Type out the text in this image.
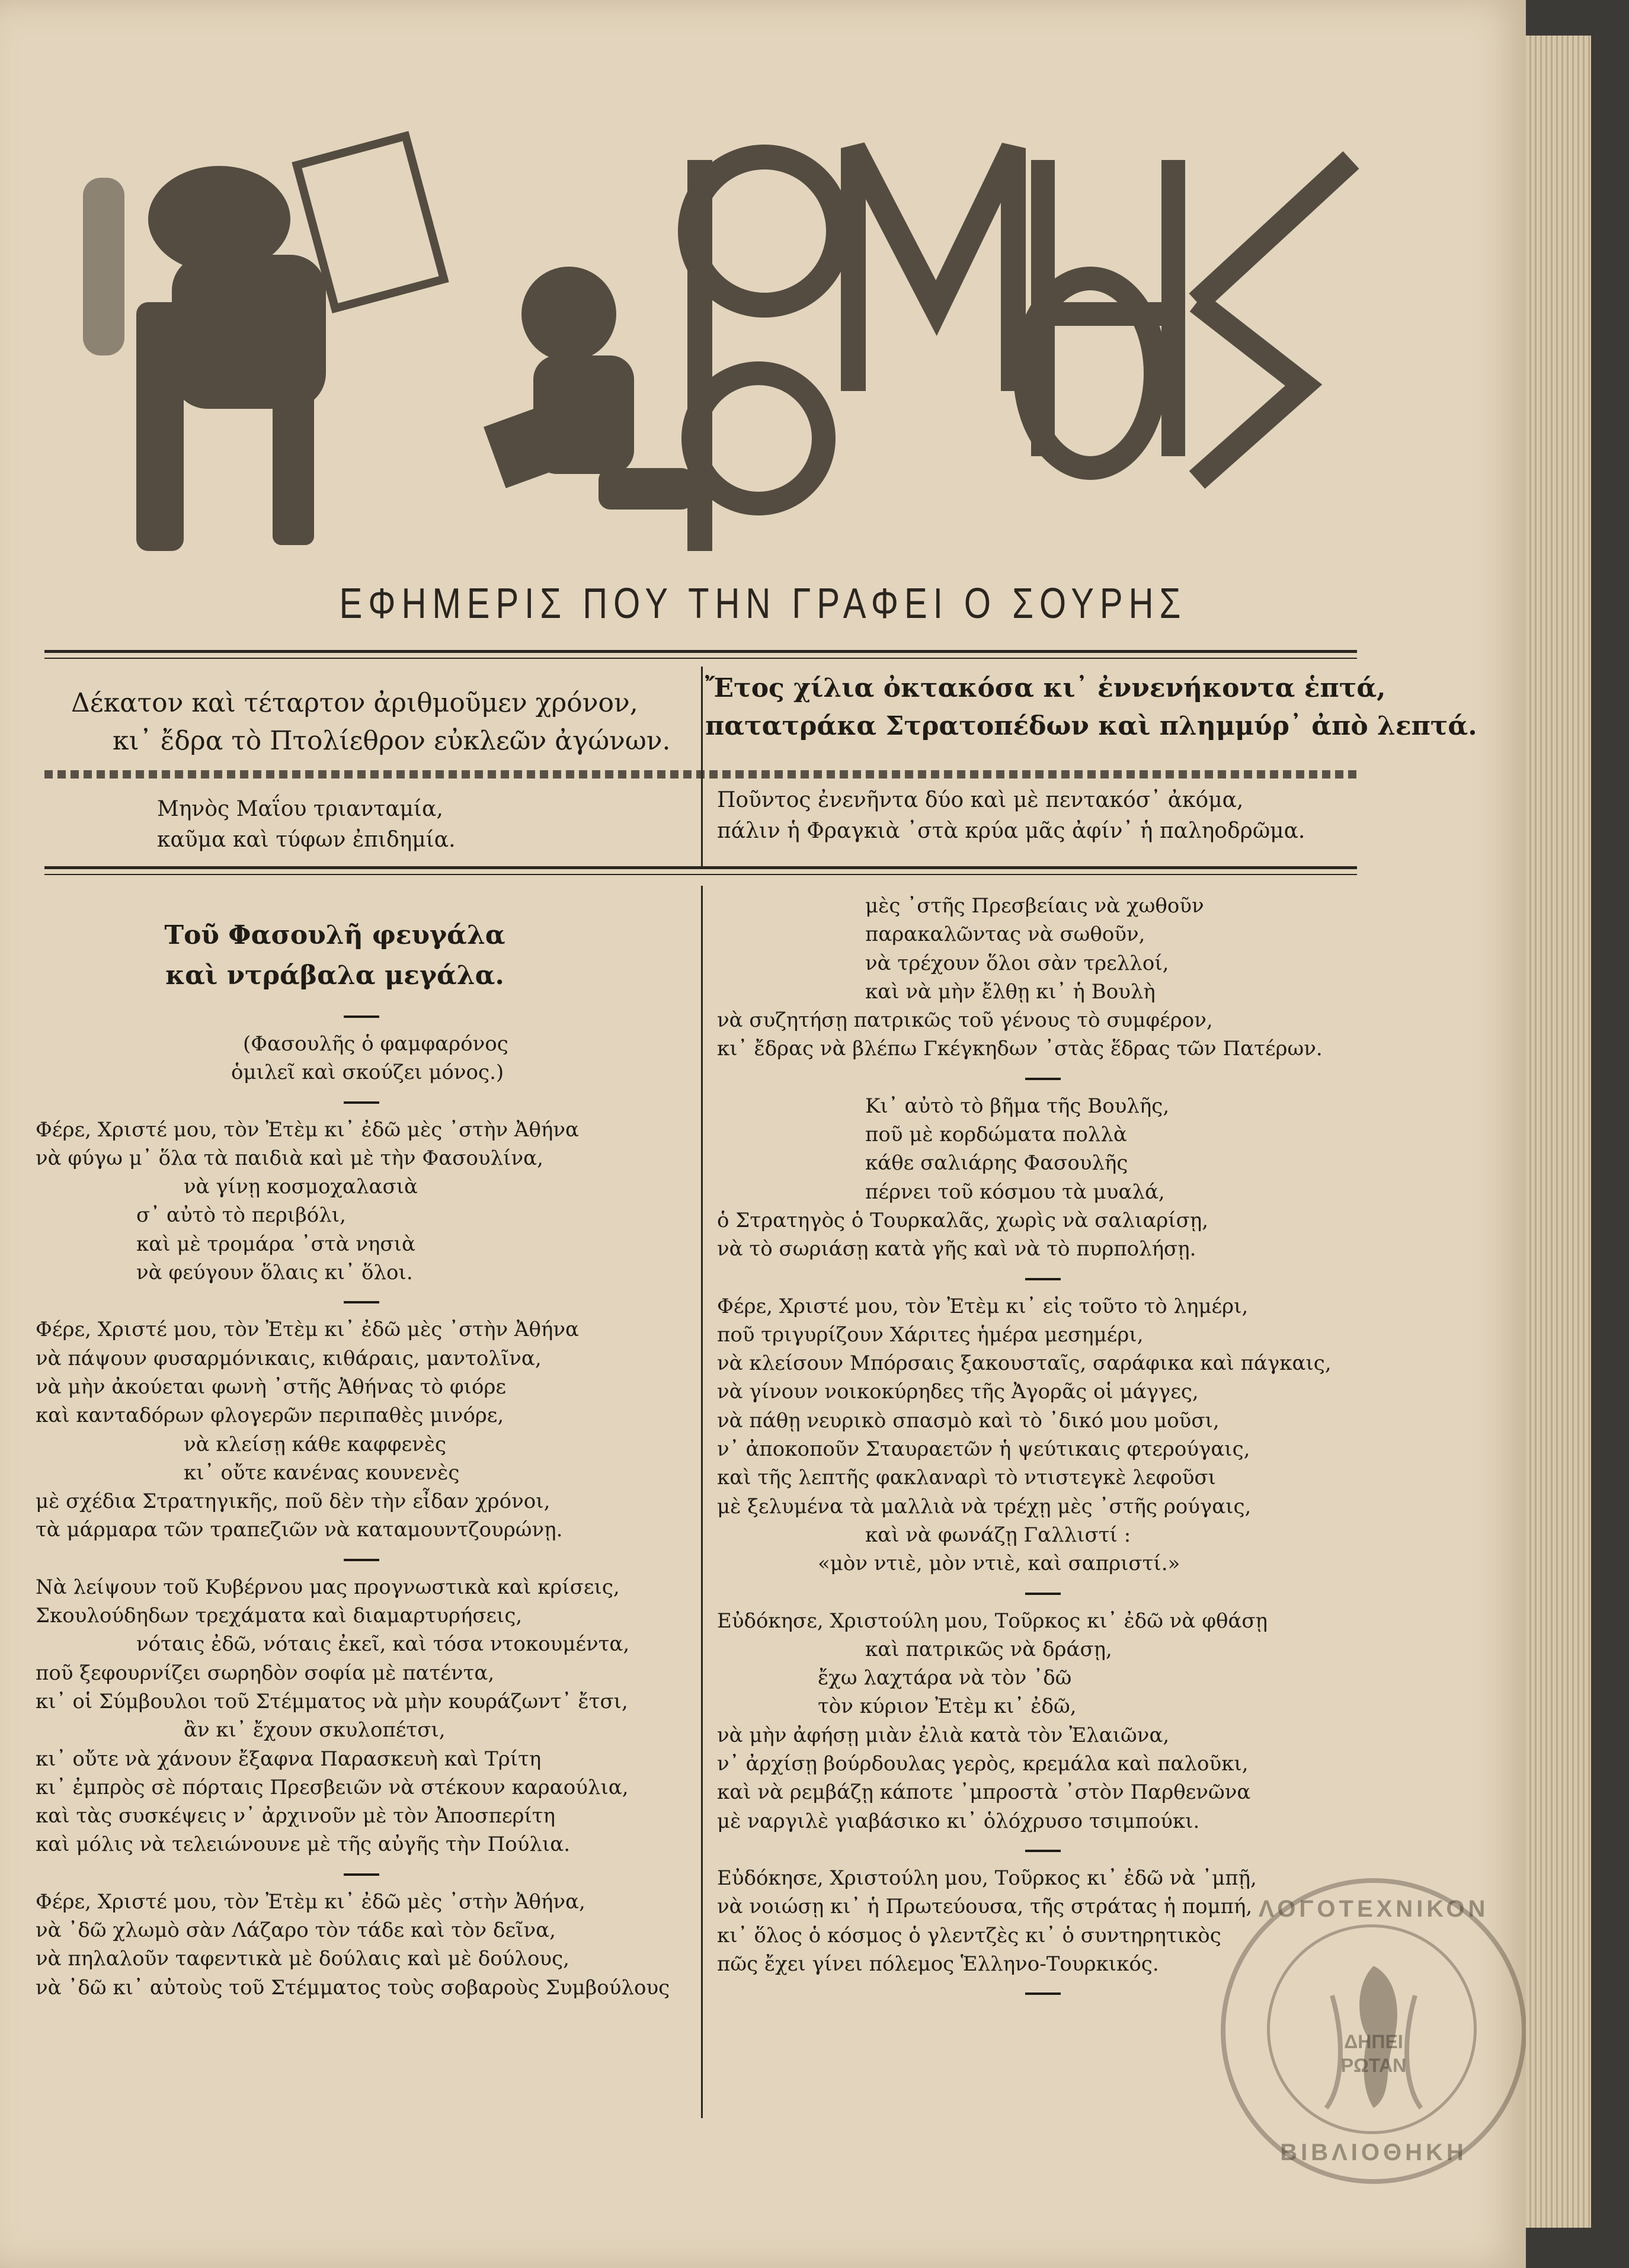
ΕΦΗΜΕΡΙΣ ΠΟΥ ΤΗΝ ΓΡΑΦΕΙ Ο ΣΟΥΡΗΣ
Δέκατον καὶ τέταρτον ἀριθμοῦμεν χρόνον,
κι᾽ ἔδρα τὸ Πτολίεθρον εὐκλεῶν ἀγώνων.
Ἔτος χίλια ὀκτακόσα κι᾽ ἐννενήκοντα ἑπτά,
πατατράκα Στρατοπέδων καὶ πλημμύρ᾽ ἀπὸ λεπτά.
Μηνὸς Μαΐου τριανταμία,
καῦμα καὶ τύφων ἐπιδημία.
Ποῦντος ἐνενῆντα δύο καὶ μὲ πεντακόσ᾽ ἀκόμα,
πάλιν ἡ Φραγκιὰ ᾽στὰ κρύα μᾶς ἀφίν᾽ ἡ παληοδρῶμα.
Τοῦ Φασουλῆ φευγάλα
καὶ ντράβαλα μεγάλα.
(Φασουλῆς ὁ φαμφαρόνος
ὁμιλεῖ καὶ σκούζει μόνος.)
Φέρε, Χριστέ μου, τὸν Ἐτὲμ κι᾽ ἐδῶ μὲς ᾽στὴν Ἀθήνα
νὰ φύγω μ᾽ ὅλα τὰ παιδιὰ καὶ μὲ τὴν Φασουλίνα,
νὰ γίνῃ κοσμοχαλασιὰ
σ᾽ αὐτὸ τὸ περιβόλι,
καὶ μὲ τρομάρα ᾽στὰ νησιὰ
νὰ φεύγουν ὅλαις κι᾽ ὅλοι.
Φέρε, Χριστέ μου, τὸν Ἐτὲμ κι᾽ ἐδῶ μὲς ᾽στὴν Ἀθήνα
νὰ πάψουν φυσαρμόνικαις, κιθάραις, μαντολῖνα,
νὰ μὴν ἀκούεται φωνὴ ᾽στῆς Ἀθήνας τὸ φιόρε
καὶ κανταδόρων φλογερῶν περιπαθὲς μινόρε,
νὰ κλείσῃ κάθε καφφενὲς
κι᾽ οὔτε κανένας κουνενὲς
μὲ σχέδια Στρατηγικῆς, ποῦ δὲν τὴν εἶδαν χρόνοι,
τὰ μάρμαρα τῶν τραπεζιῶν νὰ καταμουντζουρώνῃ.
Νὰ λείψουν τοῦ Κυβέρνου μας προγνωστικὰ καὶ κρίσεις,
Σκουλούδηδων τρεχάματα καὶ διαμαρτυρήσεις,
νόταις ἐδῶ, νόταις ἐκεῖ, καὶ τόσα ντοκουμέντα,
ποῦ ξεφουρνίζει σωρηδὸν σοφία μὲ πατέντα,
κι᾽ οἱ Σύμβουλοι τοῦ Στέμματος νὰ μὴν κουράζωντ᾽ ἔτσι,
ἂν κι᾽ ἔχουν σκυλοπέτσι,
κι᾽ οὔτε νὰ χάνουν ἔξαφνα Παρασκευὴ καὶ Τρίτη
κι᾽ ἐμπρὸς σὲ πόρταις Πρεσβειῶν νὰ στέκουν καραούλια,
καὶ τὰς συσκέψεις ν᾽ ἀρχινοῦν μὲ τὸν Ἀποσπερίτη
καὶ μόλις νὰ τελειώνουνε μὲ τῆς αὐγῆς τὴν Πούλια.
Φέρε, Χριστέ μου, τὸν Ἐτὲμ κι᾽ ἐδῶ μὲς ᾽στὴν Ἀθήνα,
νὰ ᾽δῶ χλωμὸ σὰν Λάζαρο τὸν τάδε καὶ τὸν δεῖνα,
νὰ πηλαλοῦν ταφεντικὰ μὲ δούλαις καὶ μὲ δούλους,
νὰ ᾽δῶ κι᾽ αὐτοὺς τοῦ Στέμματος τοὺς σοβαροὺς Συμβούλους
μὲς ᾽στῆς Πρεσβείαις νὰ χωθοῦν
παρακαλῶντας νὰ σωθοῦν,
νὰ τρέχουν ὅλοι σὰν τρελλοί,
καὶ νὰ μὴν ἔλθῃ κι᾽ ἡ Βουλὴ
νὰ συζητήσῃ πατρικῶς τοῦ γένους τὸ συμφέρον,
κι᾽ ἔδρας νὰ βλέπω Γκέγκηδων ᾽στὰς ἕδρας τῶν Πατέρων.
Κι᾽ αὐτὸ τὸ βῆμα τῆς Βουλῆς,
ποῦ μὲ κορδώματα πολλὰ
κάθε σαλιάρης Φασουλῆς
πέρνει τοῦ κόσμου τὰ μυαλά,
ὁ Στρατηγὸς ὁ Τουρκαλᾶς, χωρὶς νὰ σαλιαρίσῃ,
νὰ τὸ σωριάσῃ κατὰ γῆς καὶ νὰ τὸ πυρπολήσῃ.
Φέρε, Χριστέ μου, τὸν Ἐτὲμ κι᾽ εἰς τοῦτο τὸ λημέρι,
ποῦ τριγυρίζουν Χάριτες ἡμέρα μεσημέρι,
νὰ κλείσουν Μπόρσαις ξακουσταῖς, σαράφικα καὶ πάγκαις,
νὰ γίνουν νοικοκύρηδες τῆς Ἀγορᾶς οἱ μάγγες,
νὰ πάθῃ νευρικὸ σπασμὸ καὶ τὸ ᾽δικό μου μοῦσι,
ν᾽ ἀποκοποῦν Σταυραετῶν ἡ ψεύτικαις φτερούγαις,
καὶ τῆς λεπτῆς φακλαναρὶ τὸ ντιστεγκὲ λεφοῦσι
μὲ ξελυμένα τὰ μαλλιὰ νὰ τρέχῃ μὲς ᾽στῆς ρούγαις,
καὶ νὰ φωνάζῃ Γαλλιστί :
«μὸν ντιὲ, μὸν ντιὲ, καὶ σαπριστί.»
Εὐδόκησε, Χριστούλη μου, Τοῦρκος κι᾽ ἐδῶ νὰ φθάσῃ
καὶ πατρικῶς νὰ δράσῃ,
ἔχω λαχτάρα νὰ τὸν ᾽δῶ
τὸν κύριον Ἐτὲμ κι᾽ ἐδῶ,
νὰ μὴν ἀφήσῃ μιὰν ἐλιὰ κατὰ τὸν Ἐλαιῶνα,
ν᾽ ἀρχίσῃ βούρδουλας γερὸς, κρεμάλα καὶ παλοῦκι,
καὶ νὰ ρεμβάζῃ κάποτε ᾽μπροστὰ ᾽στὸν Παρθενῶνα
μὲ ναργιλὲ γιαβάσικο κι᾽ ὁλόχρυσο τσιμπούκι.
Εὐδόκησε, Χριστούλη μου, Τοῦρκος κι᾽ ἐδῶ νὰ ᾽μπῇ,
νὰ νοιώσῃ κι᾽ ἡ Πρωτεύουσα, τῆς στράτας ἡ πομπή,
κι᾽ ὅλος ὁ κόσμος ὁ γλεντζὲς κι᾽ ὁ συντηρητικὸς
πῶς ἔχει γίνει πόλεμος Ἑλληνο-Τουρκικός.
ΛΟΓΟΤΕΧΝΙΚΟΝ
ΔΗΠΕΙ
ΡΩΤΑΝ
ΒΙΒΛΙΟΘΗΚΗ
